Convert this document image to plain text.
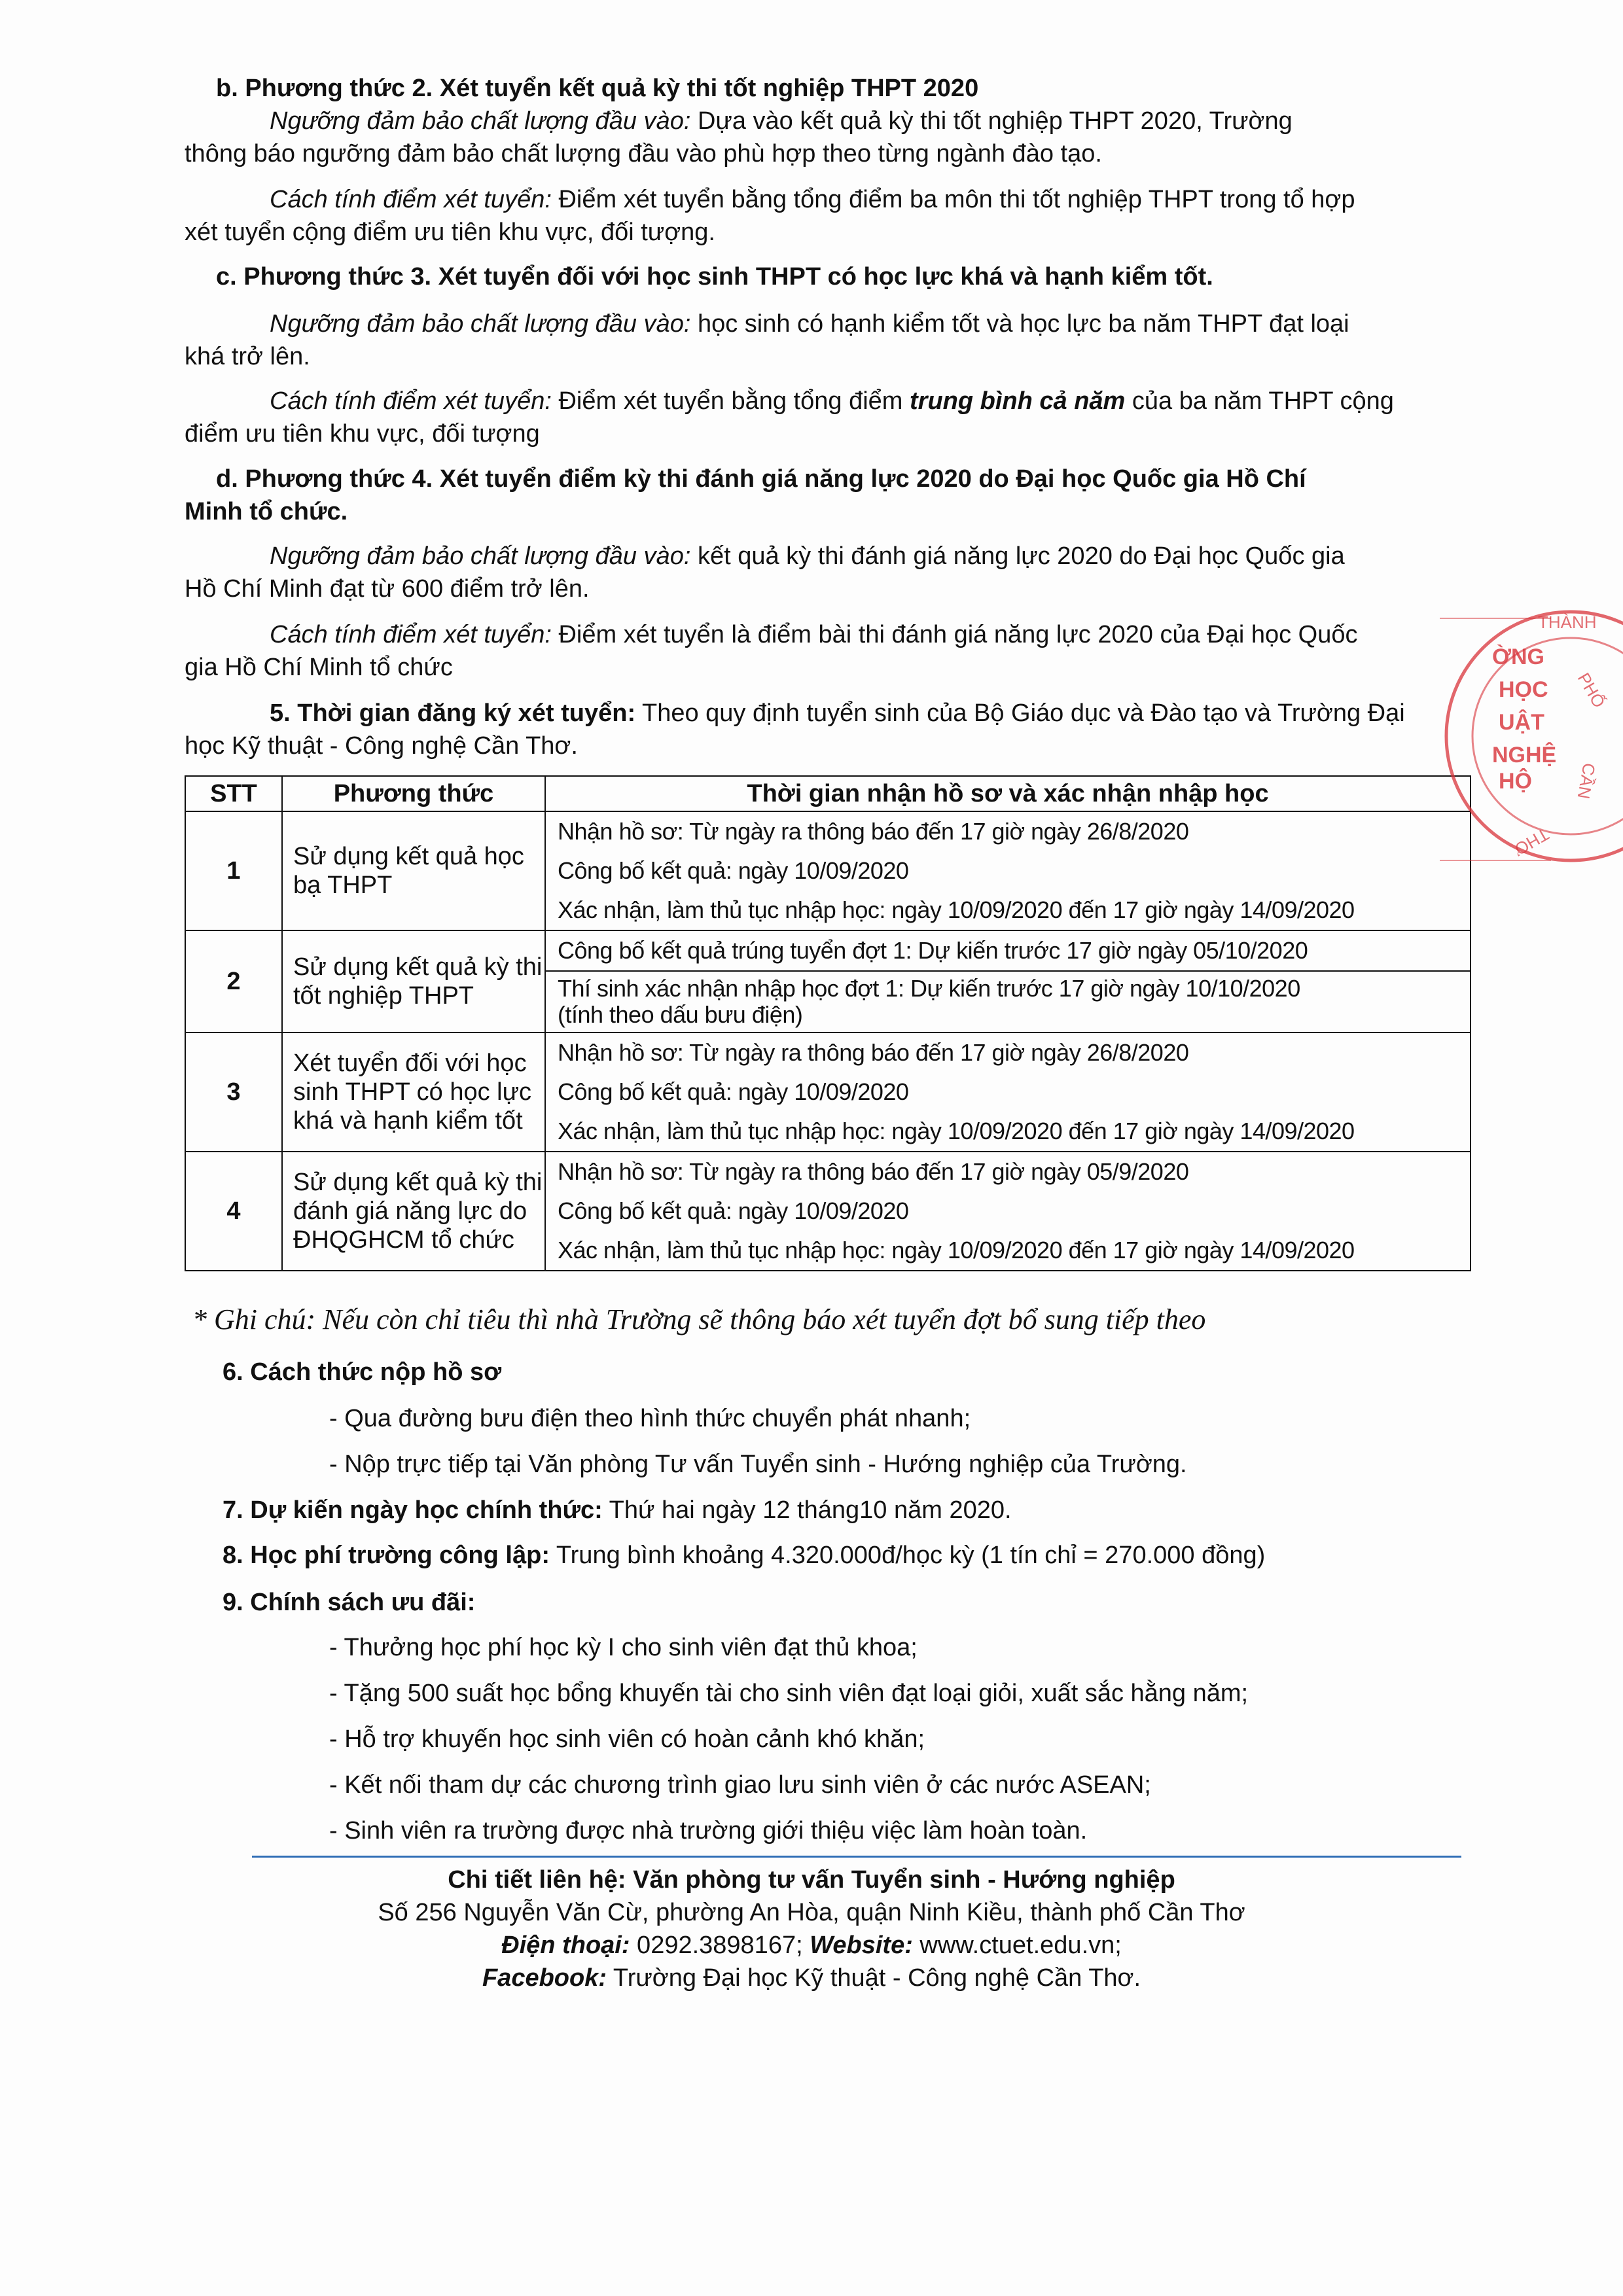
b. Phương thức 2. Xét tuyển kết quả kỳ thi tốt nghiệp THPT 2020
Ngưỡng đảm bảo chất lượng đầu vào: Dựa vào kết quả kỳ thi tốt nghiệp THPT 2020, Trường
thông báo ngưỡng đảm bảo chất lượng đầu vào phù hợp theo từng ngành đào tạo.
Cách tính điểm xét tuyển: Điểm xét tuyển bằng tổng điểm ba môn thi tốt nghiệp THPT trong tổ hợp
xét tuyển cộng điểm ưu tiên khu vực, đối tượng.
c. Phương thức 3. Xét tuyển đối với học sinh THPT có học lực khá và hạnh kiểm tốt.
Ngưỡng đảm bảo chất lượng đầu vào: học sinh có hạnh kiểm tốt và học lực ba năm THPT đạt loại
khá trở lên.
Cách tính điểm xét tuyển: Điểm xét tuyển bằng tổng điểm trung bình cả năm của ba năm THPT cộng
điểm ưu tiên khu vực, đối tượng
d. Phương thức 4. Xét tuyển điểm kỳ thi đánh giá năng lực 2020 do Đại học Quốc gia Hồ Chí
Minh tổ chức.
Ngưỡng đảm bảo chất lượng đầu vào: kết quả kỳ thi đánh giá năng lực 2020 do Đại học Quốc gia
Hồ Chí Minh đạt từ 600 điểm trở lên.
Cách tính điểm xét tuyển: Điểm xét tuyển là điểm bài thi đánh giá năng lực 2020 của Đại học Quốc
gia Hồ Chí Minh tổ chức
5. Thời gian đăng ký xét tuyển: Theo quy định tuyển sinh của Bộ Giáo dục và Đào tạo và Trường Đại
học Kỹ thuật - Công nghệ Cần Thơ.
STT	Phương thức	Thời gian nhận hồ sơ và xác nhận nhập học
1	Sử dụng kết quả học bạ THPT	Nhận hồ sơ: Từ ngày ra thông báo đến 17 giờ ngày 26/8/2020
Công bố kết quả: ngày 10/09/2020
Xác nhận, làm thủ tục nhập học: ngày 10/09/2020 đến 17 giờ ngày 14/09/2020

2	Sử dụng kết quả kỳ thi tốt nghiệp THPT	Công bố kết quả trúng tuyển đợt 1: Dự kiến trước 17 giờ ngày 05/10/2020
Thí sinh xác nhận nhập học đợt 1: Dự kiến trước 17 giờ ngày 10/10/2020
(tính theo dấu bưu điện)

3	Xét tuyển đối với học sinh THPT có học lực khá và hạnh kiểm tốt	Nhận hồ sơ: Từ ngày ra thông báo đến 17 giờ ngày 26/8/2020
Công bố kết quả: ngày 10/09/2020
Xác nhận, làm thủ tục nhập học: ngày 10/09/2020 đến 17 giờ ngày 14/09/2020

4	Sử dụng kết quả kỳ thi đánh giá năng lực do ĐHQGHCM tổ chức	Nhận hồ sơ: Từ ngày ra thông báo đến 17 giờ ngày 05/9/2020
Công bố kết quả: ngày 10/09/2020
Xác nhận, làm thủ tục nhập học: ngày 10/09/2020 đến 17 giờ ngày 14/09/2020
* Ghi chú: Nếu còn chỉ tiêu thì nhà Trường sẽ thông báo xét tuyển đợt bổ sung tiếp theo
6. Cách thức nộp hồ sơ
- Qua đường bưu điện theo hình thức chuyển phát nhanh;
- Nộp trực tiếp tại Văn phòng Tư vấn Tuyển sinh - Hướng nghiệp của Trường.
7. Dự kiến ngày học chính thức: Thứ hai ngày 12 tháng10 năm 2020.
8. Học phí trường công lập: Trung bình khoảng 4.320.000đ/học kỳ (1 tín chỉ = 270.000 đồng)
9. Chính sách ưu đãi:
- Thưởng học phí học kỳ I cho sinh viên đạt thủ khoa;
- Tặng 500 suất học bổng khuyến tài cho sinh viên đạt loại giỏi, xuất sắc hằng năm;
- Hỗ trợ khuyến học sinh viên có hoàn cảnh khó khăn;
- Kết nối tham dự các chương trình giao lưu sinh viên ở các nước ASEAN;
- Sinh viên ra trường được nhà trường giới thiệu việc làm hoàn toàn.
Chi tiết liên hệ: Văn phòng tư vấn Tuyển sinh - Hướng nghiệp
Số 256 Nguyễn Văn Cừ, phường An Hòa, quận Ninh Kiều, thành phố Cần Thơ
Điện thoại: 0292.3898167; Website: www.ctuet.edu.vn;
Facebook: Trường Đại học Kỹ thuật - Công nghệ Cần Thơ.
ỜNG
HỌC
UẬT
NGHỆ
HỘ
THÀNH
PHỐ
CẦN
THƠ
